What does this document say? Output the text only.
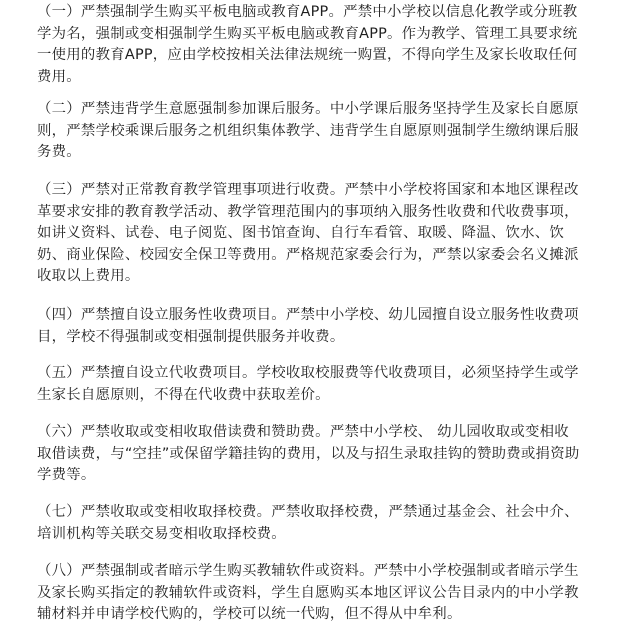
（一）严禁强制学生购买平板电脑或教育APP。严禁中小学校以信息化教学或分班教学为名，强制或变相强制学生购买平板电脑或教育APP。作为教学、管理工具要求统一使用的教育APP，应由学校按相关法律法规统一购置，不得向学生及家长收取任何费用。

（二）严禁违背学生意愿强制参加课后服务。中小学课后服务坚持学生及家长自愿原则，严禁学校乘课后服务之机组织集体教学、违背学生自愿原则强制学生缴纳课后服务费。

（三）严禁对正常教育教学管理事项进行收费。严禁中小学校将国家和本地区课程改革要求安排的教育教学活动、教学管理范围内的事项纳入服务性收费和代收费事项，如讲义资料、试卷、电子阅览、图书馆查询、自行车看管、取暖、降温、饮水、饮奶、商业保险、校园安全保卫等费用。严格规范家委会行为，严禁以家委会名义摊派收取以上费用。

（四）严禁擅自设立服务性收费项目。严禁中小学校、幼儿园擅自设立服务性收费项目，学校不得强制或变相强制提供服务并收费。

（五）严禁擅自设立代收费项目。学校收取校服费等代收费项目，必须坚持学生或学生家长自愿原则，不得在代收费中获取差价。

（六）严禁收取或变相收取借读费和赞助费。严禁中小学校、 幼儿园收取或变相收取借读费，与“空挂”或保留学籍挂钩的费用，以及与招生录取挂钩的赞助费或捐资助学费等。

（七）严禁收取或变相收取择校费。严禁收取择校费，严禁通过基金会、社会中介、培训机构等关联交易变相收取择校费。

（八）严禁强制或者暗示学生购买教辅软件或资料。严禁中小学校强制或者暗示学生及家长购买指定的教辅软件或资料，学生自愿购买本地区评议公告目录内的中小学教辅材料并申请学校代购的，学校可以统一代购，但不得从中牟利。
